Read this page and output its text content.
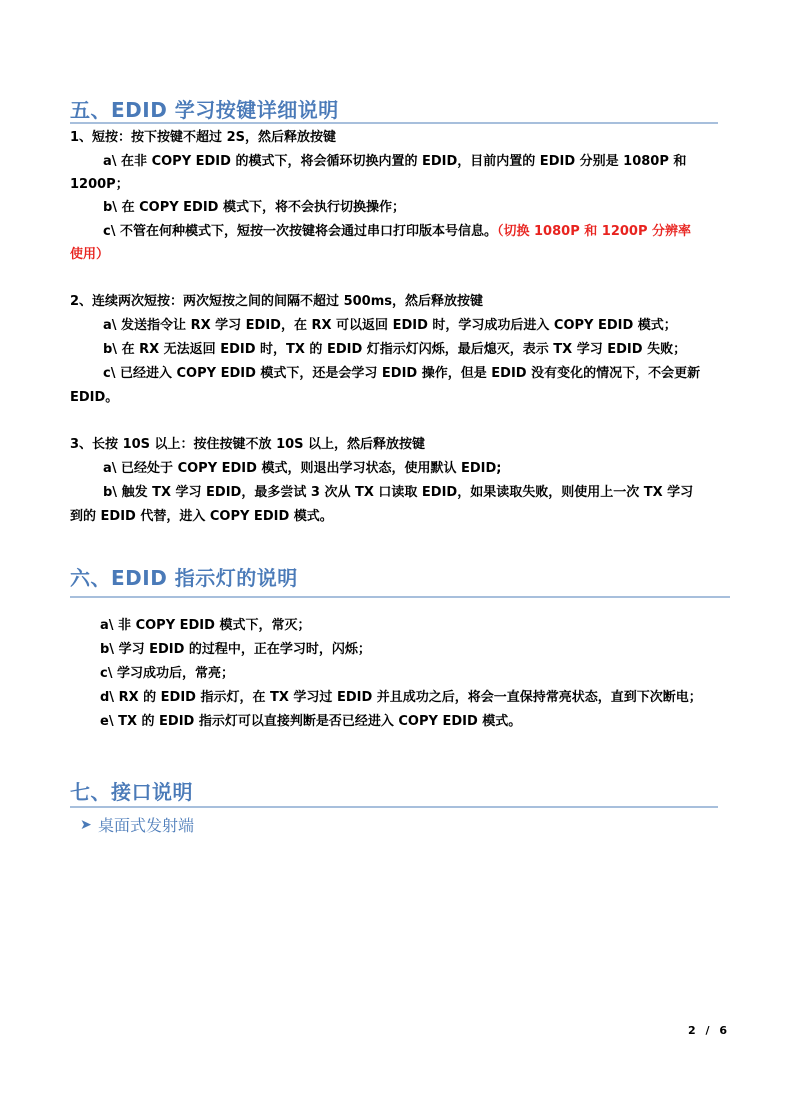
五、EDID 学习按键详细说明
1、短按：按下按键不超过 2S，然后释放按键
a\ 在非 COPY EDID 的模式下，将会循环切换内置的 EDID，目前内置的 EDID 分别是 1080P 和
1200P；
b\ 在 COPY EDID 模式下，将不会执行切换操作；
c\ 不管在何种模式下，短按一次按键将会通过串口打印版本号信息。（切换 1080P 和 1200P 分辨率
使用）
2、连续两次短按：两次短按之间的间隔不超过 500ms，然后释放按键
a\ 发送指令让 RX 学习 EDID，在 RX 可以返回 EDID 时，学习成功后进入 COPY EDID 模式；
b\ 在 RX 无法返回 EDID 时，TX 的 EDID 灯指示灯闪烁，最后熄灭，表示 TX 学习 EDID 失败；
c\ 已经进入 COPY EDID 模式下，还是会学习 EDID 操作，但是 EDID 没有变化的情况下，不会更新
EDID。
3、长按 10S 以上：按住按键不放 10S 以上，然后释放按键
a\ 已经处于 COPY EDID 模式，则退出学习状态，使用默认 EDID;
b\ 触发 TX 学习 EDID，最多尝试 3 次从 TX 口读取 EDID，如果读取失败，则使用上一次 TX 学习
到的 EDID 代替，进入 COPY EDID 模式。
六、EDID 指示灯的说明
a\ 非 COPY EDID 模式下，常灭；
b\ 学习 EDID 的过程中，正在学习时，闪烁；
c\ 学习成功后，常亮；
d\ RX 的 EDID 指示灯，在 TX 学习过 EDID 并且成功之后，将会一直保持常亮状态，直到下次断电；
e\ TX 的 EDID 指示灯可以直接判断是否已经进入 COPY EDID 模式。
七、接口说明
➤ 桌面式发射端
2 / 6
